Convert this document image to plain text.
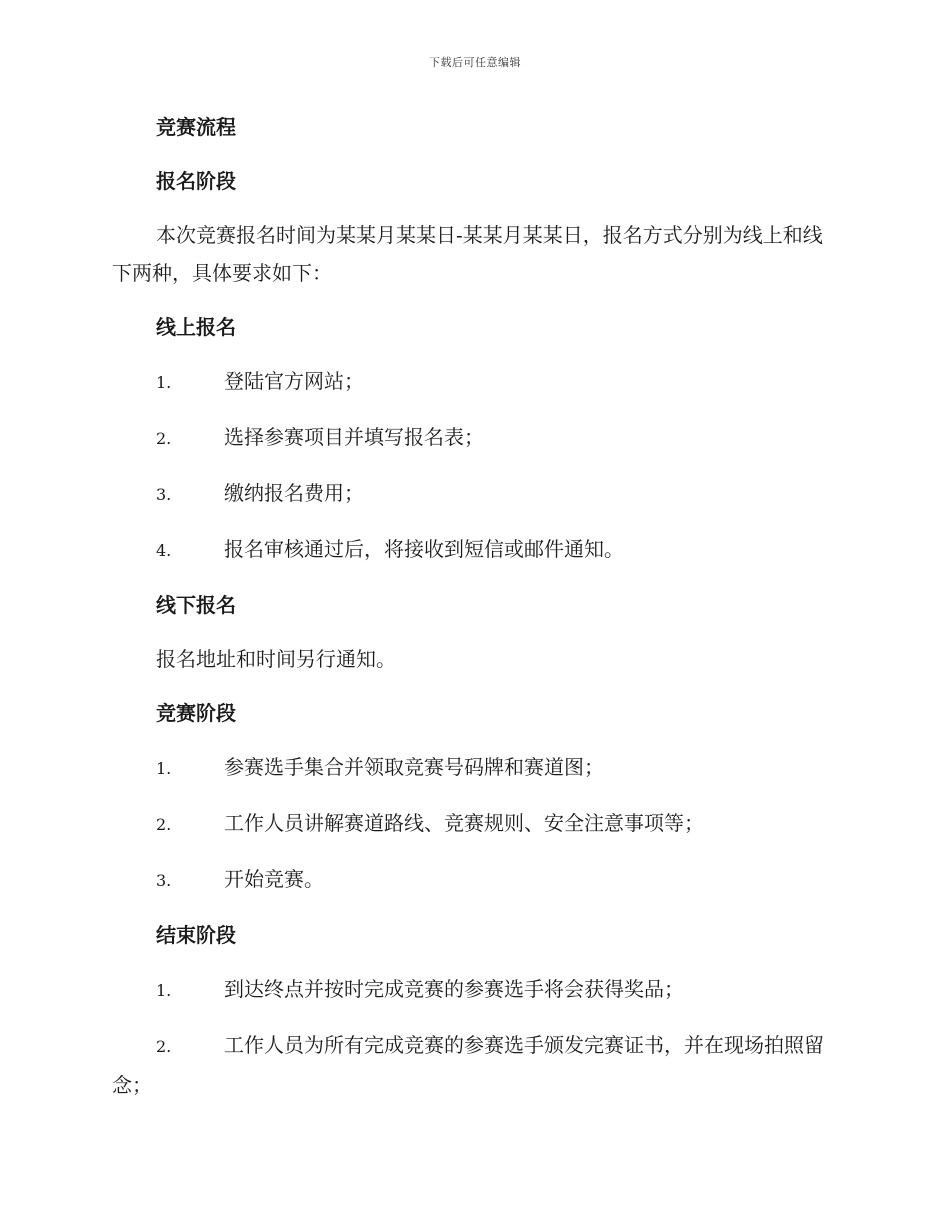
下载后可任意编辑
竞赛流程
报名阶段
本次竞赛报名时间为某某月某某日-某某月某某日，报名方式分别为线上和线下两种，具体要求如下：
线上报名
1.	登陆官方网站；
2.	选择参赛项目并填写报名表；
3.	缴纳报名费用；
4.	报名审核通过后，将接收到短信或邮件通知。
线下报名
报名地址和时间另行通知。
竞赛阶段
1.	参赛选手集合并领取竞赛号码牌和赛道图；
2.	工作人员讲解赛道路线、竞赛规则、安全注意事项等；
3.	开始竞赛。
结束阶段
1.	到达终点并按时完成竞赛的参赛选手将会获得奖品；
2.	工作人员为所有完成竞赛的参赛选手颁发完赛证书，并在现场拍照留念；
